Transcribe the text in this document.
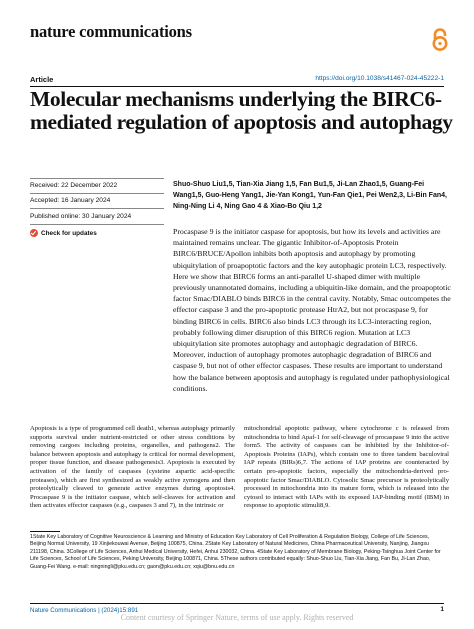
nature communications
Article	https://doi.org/10.1038/s41467-024-45222-1
Molecular mechanisms underlying the BIRC6-mediated regulation of apoptosis and autophagy
Received: 22 December 2022
Accepted: 16 January 2024
Published online: 30 January 2024
Check for updates
Shuo-Shuo Liu1,5, Tian-Xia Jiang 1,5, Fan Bu1,5, Ji-Lan Zhao1,5, Guang-Fei Wang1,5, Guo-Heng Yang1, Jie-Yan Kong1, Yun-Fan Qie1, Pei Wen2,3, Li-Bin Fan4, Ning-Ning Li 4, Ning Gao 4 & Xiao-Bo Qiu 1,2
Procaspase 9 is the initiator caspase for apoptosis, but how its levels and activities are maintained remains unclear. The gigantic Inhibitor-of-Apoptosis Protein BIRC6/BRUCE/Apollon inhibits both apoptosis and autophagy by promoting ubiquitylation of proapoptotic factors and the key autophagic protein LC3, respectively. Here we show that BIRC6 forms an anti-parallel U-shaped dimer with multiple previously unannotated domains, including a ubiquitin-like domain, and the proapoptotic factor Smac/DIABLO binds BIRC6 in the central cavity. Notably, Smac outcompetes the effector caspase 3 and the pro-apoptotic protease HtrA2, but not procaspase 9, for binding BIRC6 in cells. BIRC6 also binds LC3 through its LC3-interacting region, probably following dimer disruption of this BIRC6 region. Mutation at LC3 ubiquitylation site promotes autophagy and autophagic degradation of BIRC6. Moreover, induction of autophagy promotes autophagic degradation of BIRC6 and caspase 9, but not of other effector caspases. These results are important to understand how the balance between apoptosis and autophagy is regulated under pathophysiological conditions.
Apoptosis is a type of programmed cell death1, whereas autophagy primarily supports survival under nutrient-restricted or other stress conditions by removing cargoes including proteins, organelles, and pathogens2. The balance between apoptosis and autophagy is critical for normal development, proper tissue function, and disease pathogenesis3. Apoptosis is executed by activation of the family of caspases (cysteine aspartic acid-specific proteases), which are first synthesized as weakly active zymogens and then proteolytically cleaved to generate active enzymes during apoptosis4. Procaspase 9 is the initiator caspase, which self-cleaves for activation and then activates effector caspases (e.g., caspases 3 and 7), in the intrinsic or
mitochondrial apoptotic pathway, where cytochrome c is released from mitochondria to bind Apaf-1 for self-cleavage of procaspase 9 into the active form5. The activity of caspases can be inhibited by the Inhibitor-of-Apoptosis Proteins (IAPs), which contain one to three tandem baculoviral IAP repeats (BIRs)6,7. The actions of IAP proteins are counteracted by certain pro-apoptotic factors, especially the mitochondria-derived pro-apoptotic factor Smac/DIABLO. Cytosolic Smac precursor is proteolytically processed in mitochondria into its mature form, which is released into the cytosol to interact with IAPs with its exposed IAP-binding motif (IBM) in response to apoptotic stimuli8,9.
1State Key Laboratory of Cognitive Neuroscience & Learning and Ministry of Education Key Laboratory of Cell Proliferation & Regulation Biology, College of Life Sciences, Beijing Normal University, 19 Xinjiekouwai Avenue, Beijing 100875, China. 2State Key Laboratory of Natural Medicines, China Pharmaceutical University, Nanjing, Jiangsu 211198, China. 3College of Life Sciences, Anhui Medical University, Hefei, Anhui 230032, China. 4State Key Laboratory of Membrane Biology, Peking-Tsinghua Joint Center for Life Sciences, School of Life Sciences, Peking University, Beijing 100871, China. 5These authors contributed equally: Shuo-Shuo Liu, Tian-Xia Jiang, Fan Bu, Ji-Lan Zhao, Guang-Fei Wang. e-mail: ningningli@pku.edu.cn; gaon@pku.edu.cn; xqiu@bnu.edu.cn
Nature Communications | (2024)15:891	1
Content courtesy of Springer Nature, terms of use apply. Rights reserved
